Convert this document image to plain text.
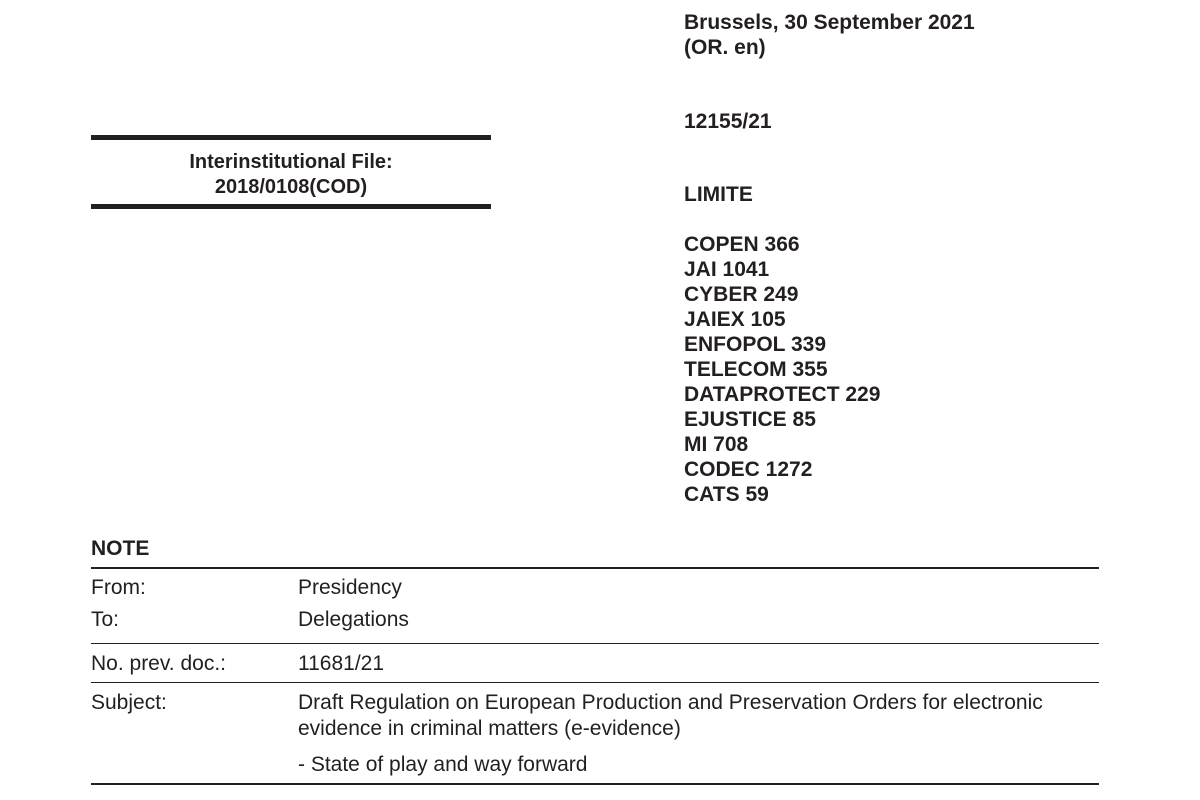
Brussels, 30 September 2021
(OR. en)
12155/21
LIMITE
COPEN 366
JAI 1041
CYBER 249
JAIEX 105
ENFOPOL 339
TELECOM 355
DATAPROTECT 229
EJUSTICE 85
MI 708
CODEC 1272
CATS 59
Interinstitutional File:
2018/0108(COD)
NOTE
From:	Presidency
To:	Delegations
No. prev. doc.:	11681/21
Subject:	Draft Regulation on European Production and Preservation Orders for electronic evidence in criminal matters (e-evidence)
- State of play and way forward
